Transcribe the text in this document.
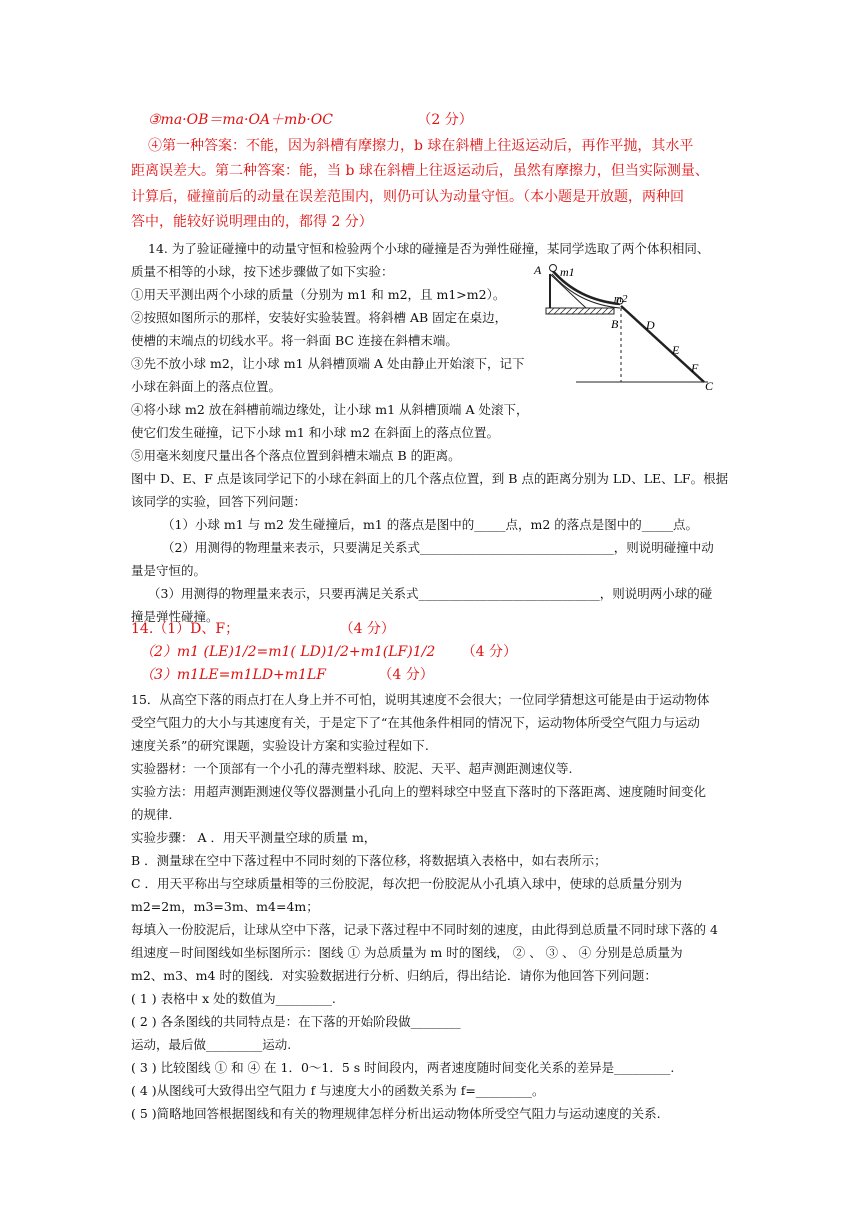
③ma·OB＝ma·OA＋mb·OC	（2 分）
④第一种答案：不能，因为斜槽有摩擦力，b 球在斜槽上往返运动后，再作平抛，其水平
距离误差大。第二种答案：能，当 b 球在斜槽上往返运动后，虽然有摩擦力，但当实际测量、
计算后，碰撞前后的动量在误差范围内，则仍可认为动量守恒。（本小题是开放题，两种回
答中，能较好说明理由的，都得 2 分）
14. 为了验证碰撞中的动量守恒和检验两个小球的碰撞是否为弹性碰撞，某同学选取了两个体积相同、
质量不相等的小球，按下述步骤做了如下实验：
①用天平测出两个小球的质量（分别为 m1 和 m2，且 m1>m2）。
②按照如图所示的那样，安装好实验装置。将斜槽 AB 固定在桌边，
使槽的末端点的切线水平。将一斜面 BC 连接在斜槽末端。
③先不放小球 m2，让小球 m1 从斜槽顶端 A 处由静止开始滚下，记下
小球在斜面上的落点位置。
④将小球 m2 放在斜槽前端边缘处，让小球 m1 从斜槽顶端 A 处滚下，
使它们发生碰撞，记下小球 m1 和小球 m2 在斜面上的落点位置。
⑤用毫米刻度尺量出各个落点位置到斜槽末端点 B 的距离。
图中 D、E、F 点是该同学记下的小球在斜面上的几个落点位置，到 B 点的距离分别为 LD、LE、LF。根据
该同学的实验，回答下列问题：
（1）小球 m1 与 m2 发生碰撞后，m1 的落点是图中的_____点，m2 的落点是图中的_____点。
（2）用测得的物理量来表示，只要满足关系式_______________________________，则说明碰撞中动
量是守恒的。
（3）用测得的物理量来表示，只要再满足关系式_____________________________，则说明两小球的碰
撞是弹性碰撞。
A m1
m2
B D
E
F
C
14.（1）D、F；	（4 分）
（2）m1 (LE)1/2=m1( LD)1/2+m1(LF)1/2 （4 分）
（3）m1LE=m1LD+m1LF	（4 分）
15．从高空下落的雨点打在人身上并不可怕，说明其速度不会很大；一位同学猜想这可能是由于运动物体
受空气阻力的大小与其速度有关，于是定下了“在其他条件相同的情况下，运动物体所受空气阻力与运动
速度关系”的研究课题，实验设计方案和实验过程如下.
实验器材：一个顶部有一个小孔的薄壳塑料球、胶泥、天平、超声测距测速仪等.
实验方法：用超声测距测速仪等仪器测量小孔向上的塑料球空中竖直下落时的下落距离、速度随时间变化
的规律.
实验步骤： A ．用天平测量空球的质量 m，
B ．测量球在空中下落过程中不同时刻的下落位移，将数据填入表格中，如右表所示；
C ．用天平称出与空球质量相等的三份胶泥，每次把一份胶泥从小孔填入球中，使球的总质量分别为
m2=2m，m3=3m、m4=4m；
每填入一份胶泥后，让球从空中下落，记录下落过程中不同时刻的速度，由此得到总质量不同时球下落的 4
组速度－时间图线如坐标图所示：图线 ① 为总质量为 m 时的图线， ② 、 ③ 、 ④ 分别是总质量为
m2、m3、m4 时的图线．对实验数据进行分析、归纳后，得出结论．请你为他回答下列问题：
( 1 ) 表格中 x 处的数值为_________.
( 2 ) 各条图线的共同特点是：在下落的开始阶段做________
运动，最后做_________运动.
( 3 ) 比较图线 ① 和 ④ 在 1．0～1．5 s 时间段内，两者速度随时间变化关系的差异是_________.
( 4 )从图线可大致得出空气阻力 f 与速度大小的函数关系为 f=_________。
( 5 )简略地回答根据图线和有关的物理规律怎样分析出运动物体所受空气阻力与运动速度的关系.
